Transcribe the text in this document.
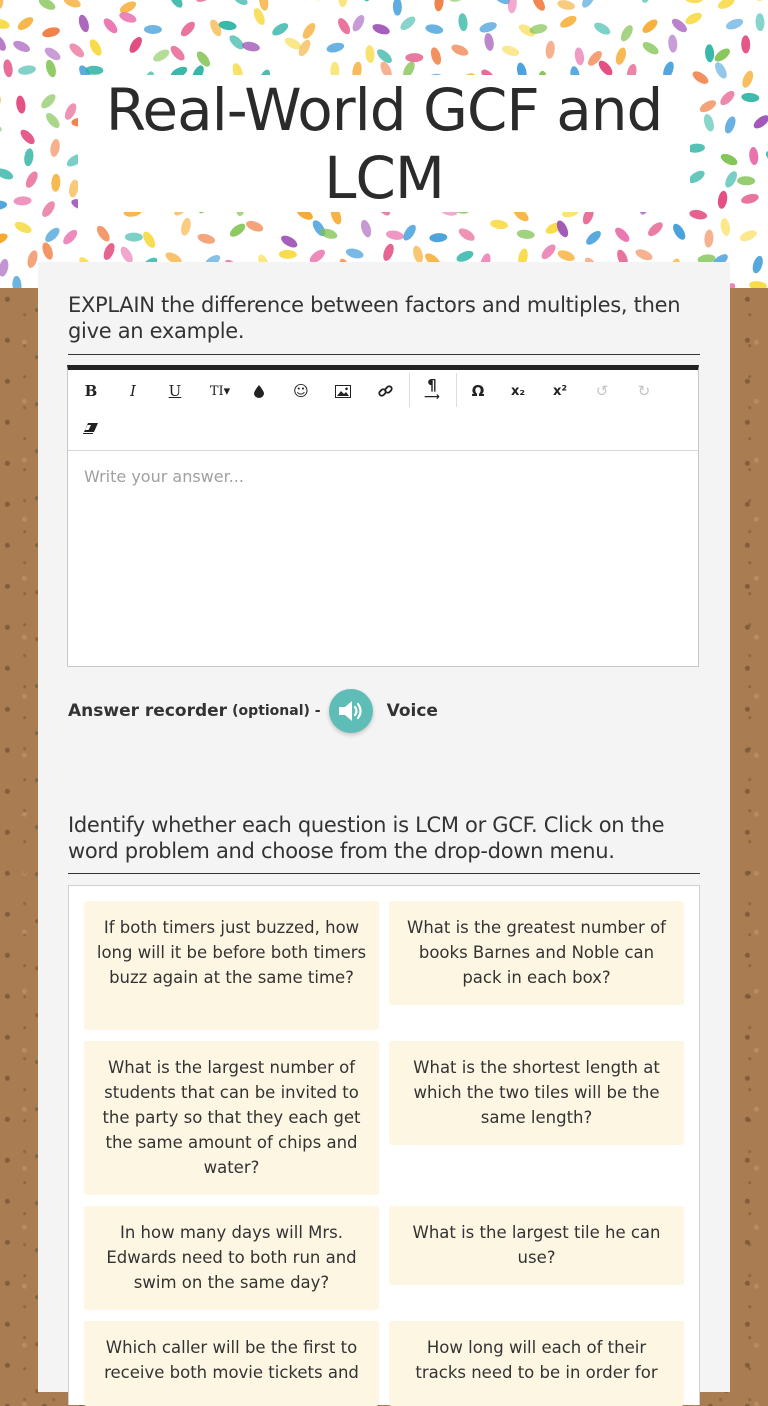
Real-World GCF and LCM
EXPLAIN the difference between factors and multiples, then give an example.
B I U TI▾	☺	¶
⟶ Ω x₂ x² ↺ ↻
Write your answer...
Answer recorder
(optional) -	Voice
Identify whether each question is LCM or GCF. Click on the word problem and choose from the drop-down menu.
If both timers just buzzed, how long will it be before both timers buzz again at the same time?
What is the greatest number of books Barnes and Noble can pack in each box?
What is the largest number of students that can be invited to the party so that they each get the same amount of chips and water?
What is the shortest length at which the two tiles will be the same length?
In how many days will Mrs. Edwards need to both run and swim on the same day?
What is the largest tile he can use?
Which caller will be the first to receive both movie tickets and
How long will each of their tracks need to be in order for
